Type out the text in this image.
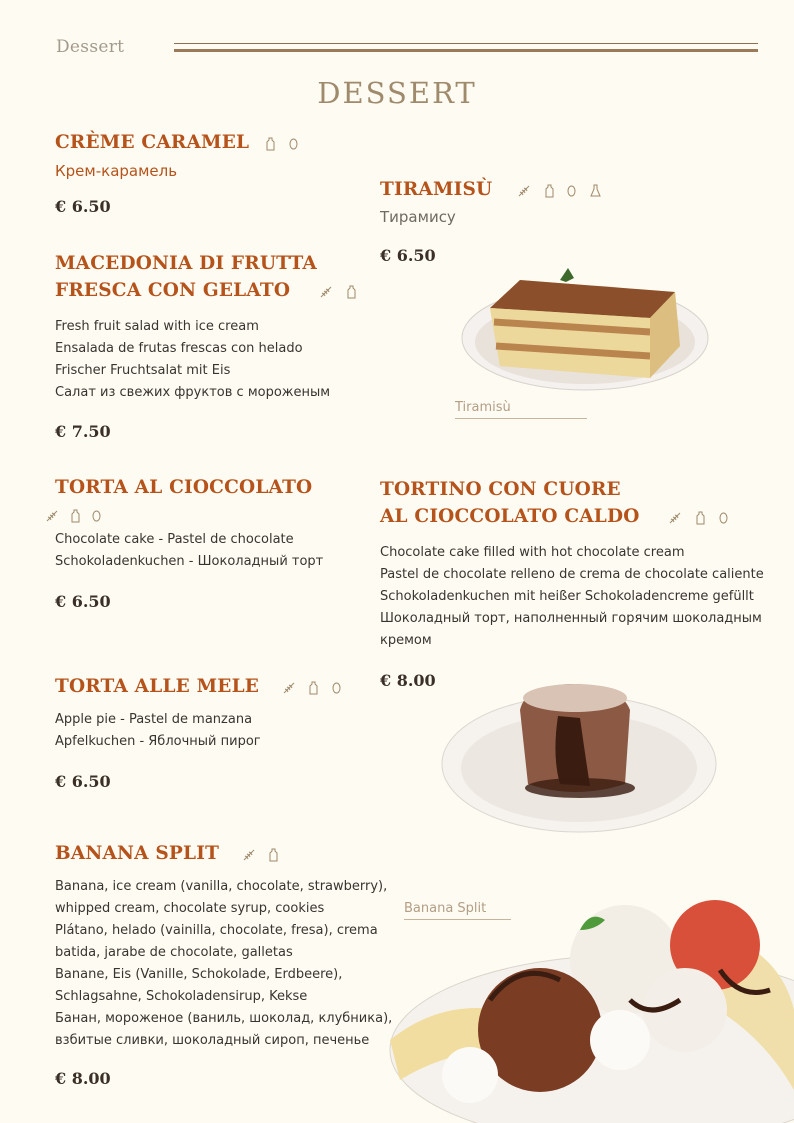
Dessert
DESSERT
CRÈME CARAMEL
Крем-карамель
€ 6.50
MACEDONIA DI FRUTTA
FRESCA CON GELATO
Fresh fruit salad with ice cream
Ensalada de frutas frescas con helado
Frischer Fruchtsalat mit Eis
Салат из свежих фруктов с мороженым
€ 7.50
TORTA AL CIOCCOLATO

Chocolate cake - Pastel de chocolate
Schokoladenkuchen - Шоколадный торт
€ 6.50
TORTA ALLE MELE
Apple pie - Pastel de manzana
Apfelkuchen - Яблочный пирог
€ 6.50
BANANA SPLIT
Banana, ice cream (vanilla, chocolate, strawberry),
whipped cream, chocolate syrup, cookies
Plátano, helado (vainilla, chocolate, fresa), crema
batida, jarabe de chocolate, galletas
Banane, Eis (Vanille, Schokolade, Erdbeere),
Schlagsahne, Schokoladensirup, Kekse
Банан, мороженое (ваниль, шоколад, клубника),
взбитые сливки, шоколадный сироп, печенье
€ 8.00
TIRAMISÙ
Тирамису
€ 6.50
Tiramisù
TORTINO CON CUORE
AL CIOCCOLATO CALDO
Chocolate cake filled with hot chocolate cream
Pastel de chocolate relleno de crema de chocolate caliente
Schokoladenkuchen mit heißer Schokoladencreme gefüllt
Шоколадный торт, наполненный горячим шоколадным
кремом
€ 8.00
Banana Split
